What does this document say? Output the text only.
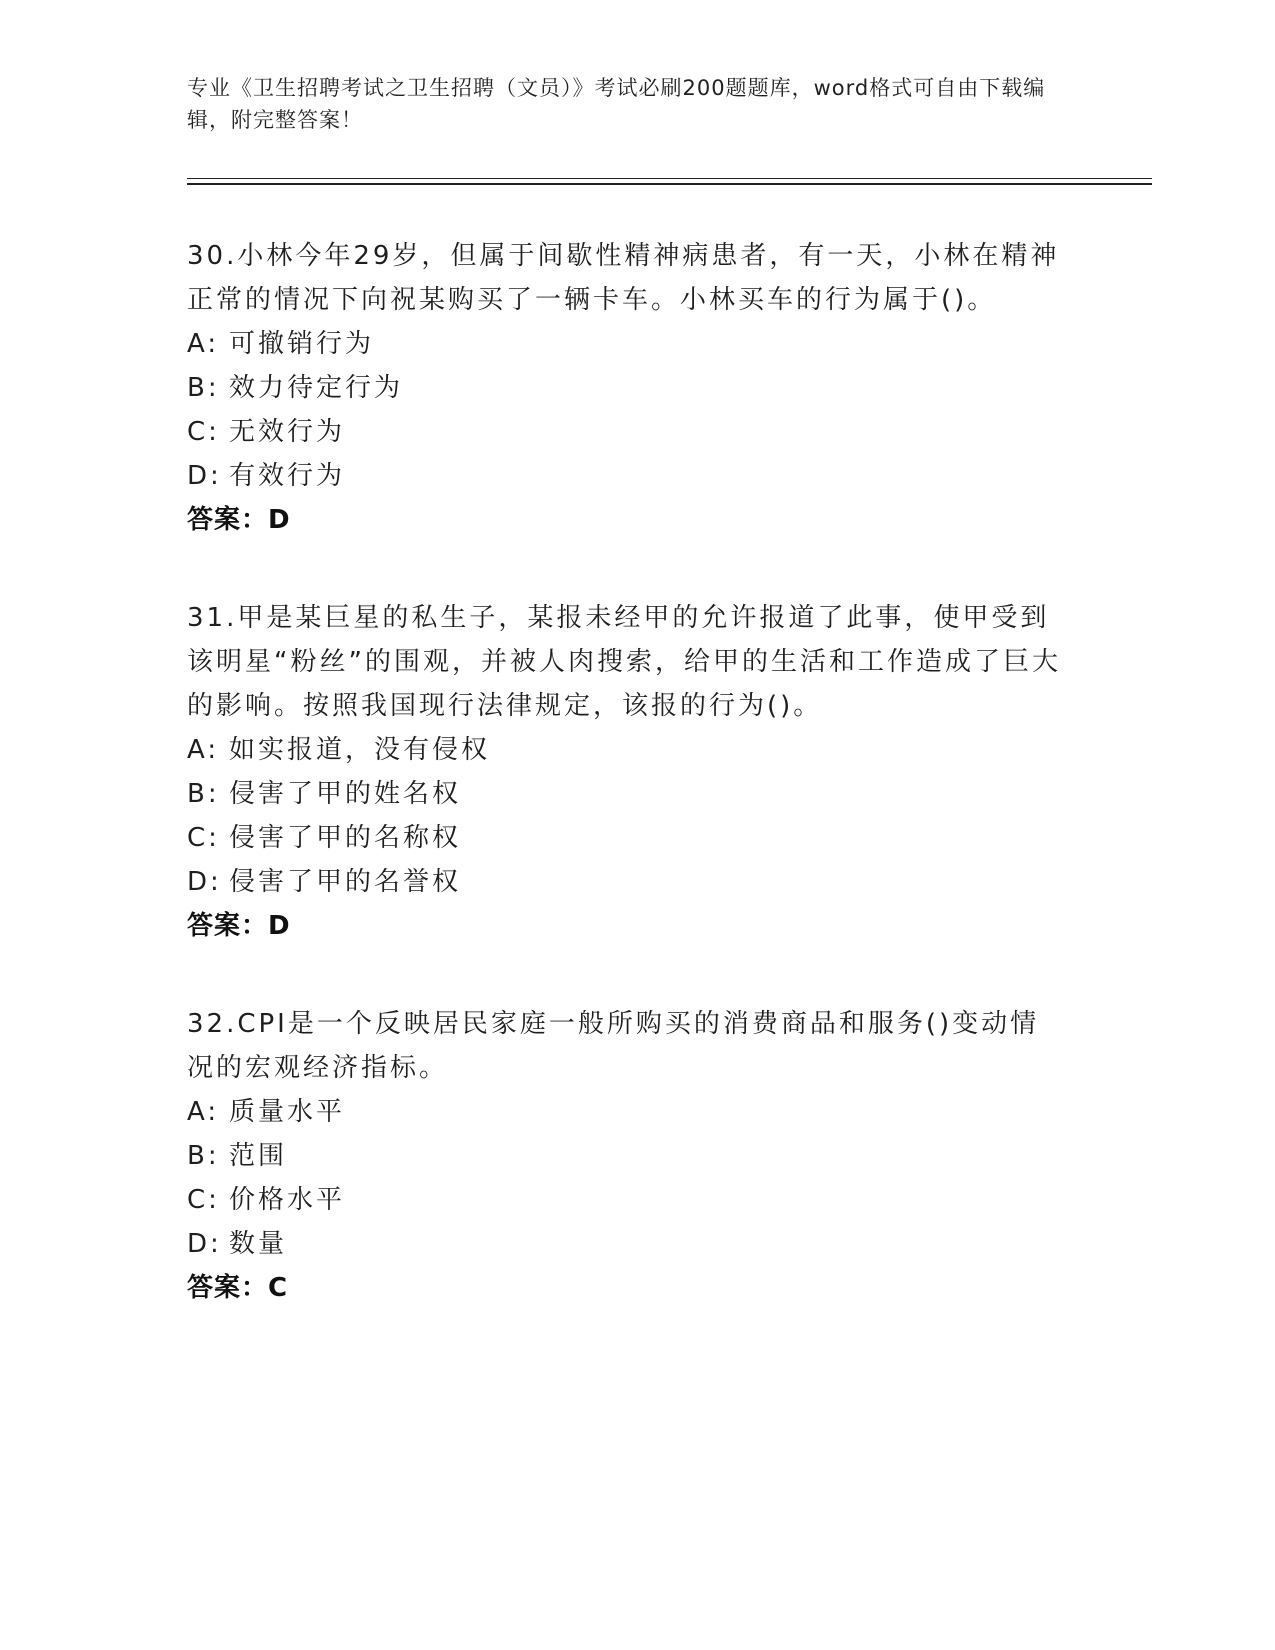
专业《卫生招聘考试之卫生招聘（文员）》考试必刷200题题库，word格式可自由下载编辑，附完整答案！

30.小林今年29岁，但属于间歇性精神病患者，有一天，小林在精神正常的情况下向祝某购买了一辆卡车。小林买车的行为属于()。

A: 可撤销行为
B: 效力待定行为
C: 无效行为
D: 有效行为
答案：D

31.甲是某巨星的私生子，某报未经甲的允许报道了此事，使甲受到该明星“粉丝”的围观，并被人肉搜索，给甲的生活和工作造成了巨大的影响。按照我国现行法律规定，该报的行为()。

A: 如实报道，没有侵权
B: 侵害了甲的姓名权
C: 侵害了甲的名称权
D: 侵害了甲的名誉权
答案：D

32.CPI是一个反映居民家庭一般所购买的消费商品和服务()变动情况的宏观经济指标。

A: 质量水平
B: 范围
C: 价格水平
D: 数量
答案：C
